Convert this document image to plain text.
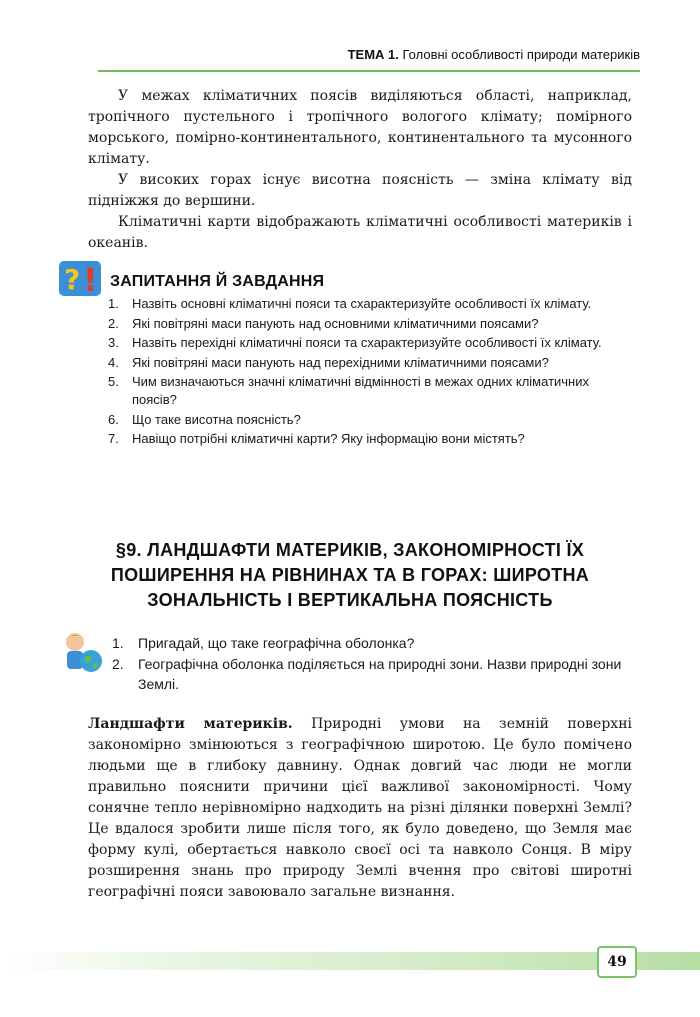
ТЕМА 1. Головні особливості природи материків

У межах кліматичних поясів виділяються області, наприклад, тропічного пустельного і тропічного вологого клімату; помірного морського, помірно-континентального, континентального та мусонного клімату.

У високих горах існує висотна поясність — зміна клімату від підніжжя до вершини.

Кліматичні карти відображають кліматичні особливості материків і океанів.

? ! ЗАПИТАННЯ Й ЗАВДАННЯ
1. Назвіть основні кліматичні пояси та схарактеризуйте особливості їх клімату.
2. Які повітряні маси панують над основними кліматичними поясами?
3. Назвіть перехідні кліматичні пояси та схарактеризуйте особливості їх клімату.
4. Які повітряні маси панують над перехідними кліматичними поясами?
5. Чим визначаються значні кліматичні відмінності в межах одних кліматичних поясів?
6. Що таке висотна поясність?
7. Навіщо потрібні кліматичні карти? Яку інформацію вони містять?
§9. ЛАНДШАФТИ МАТЕРИКІВ, ЗАКОНОМІРНОСТІ ЇХ ПОШИРЕННЯ НА РІВНИНАХ ТА В ГОРАХ: ШИРОТНА ЗОНАЛЬНІСТЬ І ВЕРТИКАЛЬНА ПОЯСНІСТЬ
1. Пригадай, що таке географічна оболонка?
2. Географічна оболонка поділяється на природні зони. Назви природні зони Землі.

Ландшафти материків. Природні умови на земній поверхні закономірно змінюються з географічною широтою. Це було помічено людьми ще в глибоку давнину. Однак довгий час люди не могли правильно пояснити причини цієї важливої закономірності. Чому сонячне тепло нерівномірно надходить на різні ділянки поверхні Землі? Це вдалося зробити лише після того, як було доведено, що Земля має форму кулі, обертається навколо своєї осі та навколо Сонця. В міру розширення знань про природу Землі вчення про світові широтні географічні пояси завоювало загальне визнання.

49
